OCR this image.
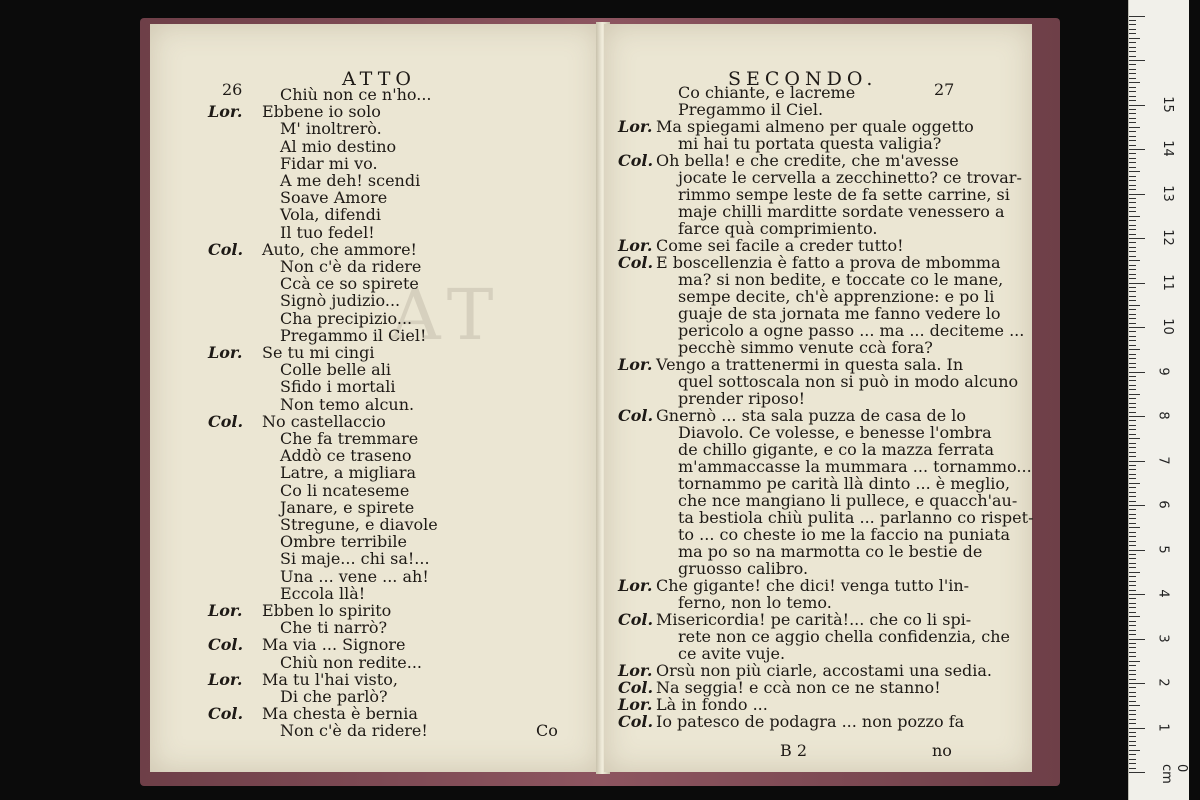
AT
26	ATTO
Chiù non ce n'ho...
Lor. Ebbene io solo
M' inoltrerò.
Al mio destino
Fidar mi vo.
A me deh! scendi
Soave Amore
Vola, difendi
Il tuo fedel!
Col. Auto, che ammore!
Non c'è da ridere
Ccà ce so spirete
Signò judizio...
Cha precipizio...
Pregammo il Ciel!
Lor. Se tu mi cingi
Colle belle ali
Sfido i mortali
Non temo alcun.
Col. No castellaccio
Che fa tremmare
Addò ce traseno
Latre, a migliara
Co li ncateseme
Janare, e spirete
Stregune, e diavole
Ombre terribile
Si maje... chi sa!...
Una ... vene ... ah!
Eccola llà!
Lor. Ebben lo spirito
Che ti narrò?
Col. Ma via ... Signore
Chiù non redite...
Lor. Ma tu l'hai visto,
Di che parlò?
Col. Ma chesta è bernia
Non c'è da ridere!	Co
SECONDO.	27
Co chiante, e lacreme
Pregammo il Ciel.
Lor. Ma spiegami almeno per quale oggetto
mi hai tu portata questa valigia?
Col. Oh bella! e che credite, che m'avesse
jocate le cervella a zecchinetto? ce trovar-
rimmo sempe leste de fa sette carrine, si
maje chilli marditte sordate venessero a
farce quà comprimiento.
Lor. Come sei facile a creder tutto!
Col. E boscellenzia è fatto a prova de mbomma
ma? si non bedite, e toccate co le mane,
sempe decite, ch'è apprenzione: e po li
guaje de sta jornata me fanno vedere lo
pericolo a ogne passo ... ma ... deciteme ...
pecchè simmo venute ccà fora?
Lor. Vengo a trattenermi in questa sala. In
quel sottoscala non si può in modo alcuno
prender riposo!
Col. Gnernò ... sta sala puzza de casa de lo
Diavolo. Ce volesse, e benesse l'ombra
de chillo gigante, e co la mazza ferrata
m'ammaccasse la mummara ... tornammo...
tornammo pe carità llà dinto ... è meglio,
che nce mangiano li pullece, e quacch'au-
ta bestiola chiù pulita ... parlanno co rispet-
to ... co cheste io me la faccio na puniata
ma po so na marmotta co le bestie de
gruosso calibro.
Lor. Che gigante! che dici! venga tutto l'in-
ferno, non lo temo.
Col. Misericordia! pe carità!... che co li spi-
rete non ce aggio chella confidenzia, che
ce avite vuje.
Lor. Orsù non più ciarle, accostami una sedia.
Col. Na seggia! e ccà non ce ne stanno!
Lor. Là in fondo ...
Col. Io patesco de podagra ... non pozzo fa
B 2	no
0 cm
1
2
3
4
5
6
7
8
9
10
11
12
13
14
15
